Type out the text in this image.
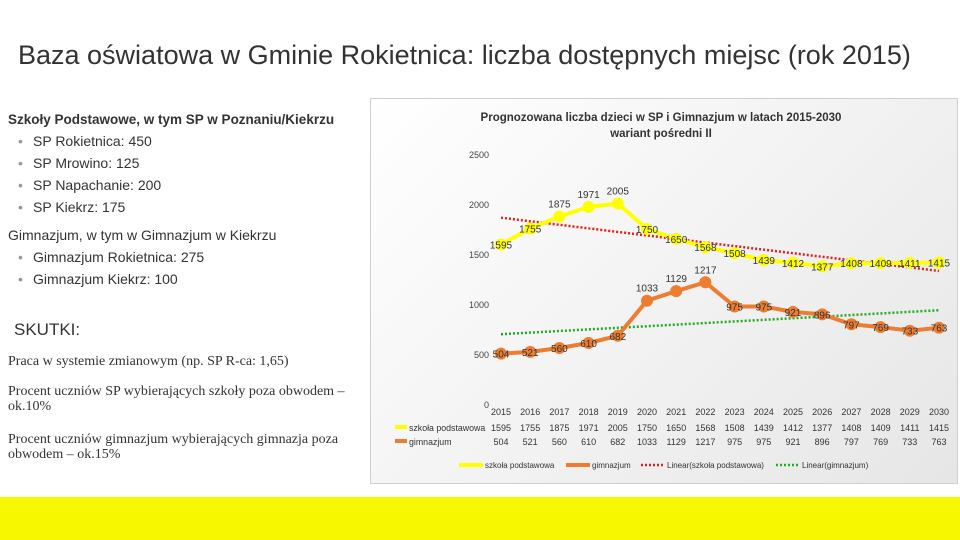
Baza oświatowa w Gminie Rokietnica: liczba dostępnych miejsc (rok 2015)
Szkoły Podstawowe, w tym SP w Poznaniu/Kiekrzu
• SP Rokietnica: 450
• SP Mrowino: 125
• SP Napachanie: 200
• SP Kiekrz: 175
Gimnazjum, w tym w Gimnazjum w Kiekrzu
• Gimnazjum Rokietnica: 275
• Gimnazjum Kiekrz: 100
SKUTKI:
Praca w systemie zmianowym (np. SP R-ca: 1,65)
Procent uczniów SP wybierających szkoły poza obwodem – ok.10%
Procent uczniów gimnazjum wybierających gimnazja poza obwodem – ok.15%
Prognozowana liczba dzieci w SP i Gimnazjum w latach 2015-2030
wariant pośredni II
0
500
1000
1500
2000
2500
1595
1755
1875
1971 2005
1750
1650
1568
1508
1439 1412 1377 1408 1409 1411 1415
504 521 560 610
682
1033
1129
1217
975 975 921 896
797 769 733 763
2015 2016 2017 2018 2019 2020 2021 2022 2023 2024 2025 2026 2027 2028 2029 2030
szkoła podstawowa 1595 1755 1875 1971 2005 1750 1650 1568 1508 1439 1412 1377 1408 1409 1411 1415
gimnazjum	504 521 560 610 682 1033 1129 1217 975 975 921 896 797 769 733 763
szkoła podstawowa	gimnazjum	Linear(szkoła podstawowa)	Linear(gimnazjum)
